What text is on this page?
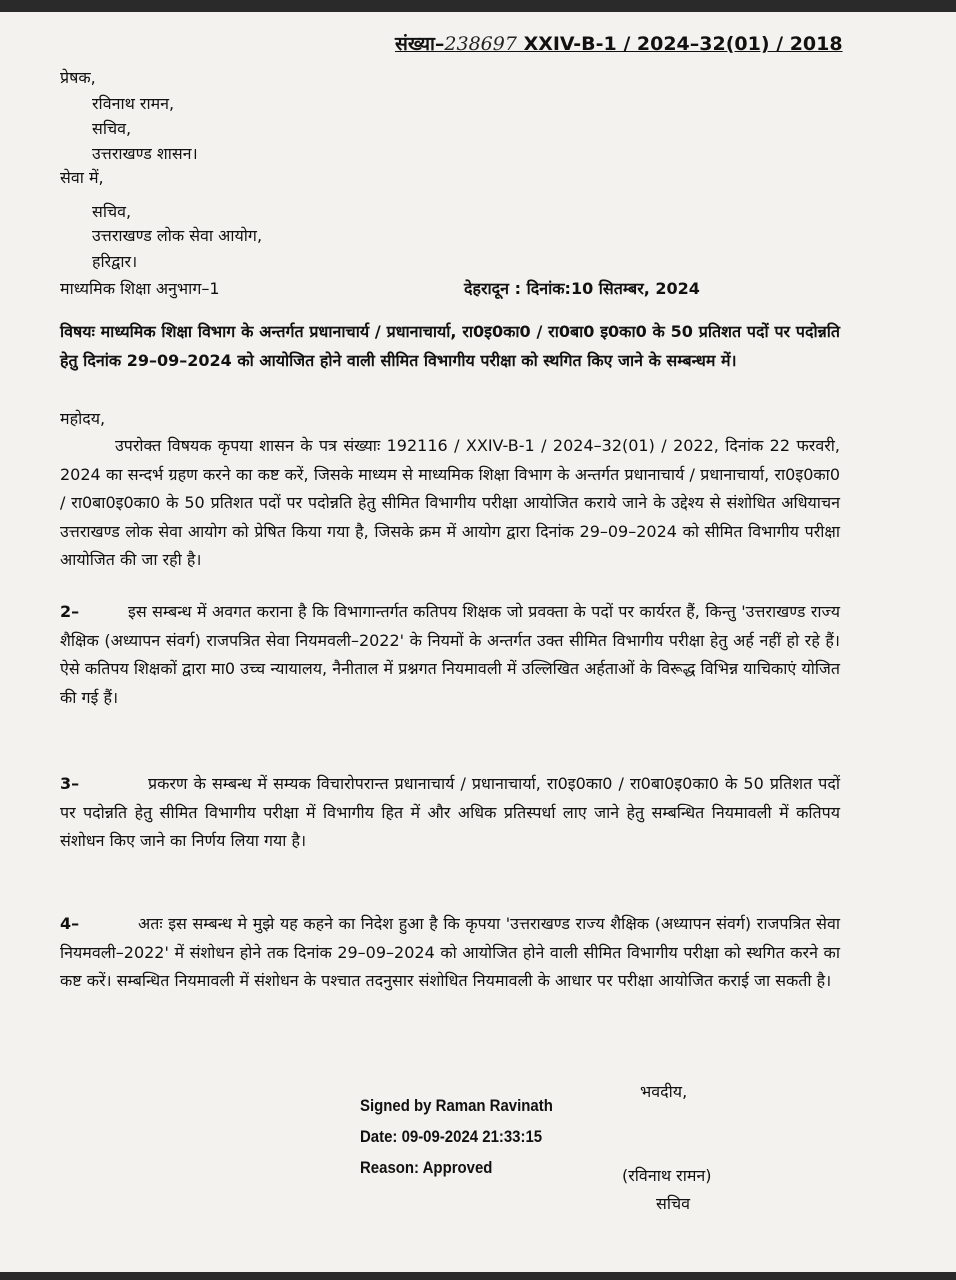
संख्या–238697 XXIV-B-1 / 2024–32(01) / 2018
प्रेषक,
रविनाथ रामन,
सचिव,
उत्तराखण्ड शासन।
सेवा में,
सचिव,
उत्तराखण्ड लोक सेवा आयोग,
हरिद्वार।
माध्यमिक शिक्षा अनुभाग–1	देहरादून : दिनांक:10 सितम्बर, 2024
विषयः माध्यमिक शिक्षा विभाग के अन्तर्गत प्रधानाचार्य / प्रधानाचार्या, रा0इ0का0 / रा0बा0 इ0का0 के 50 प्रतिशत पदों पर पदोन्नति हेतु दिनांक 29–09–2024 को आयोजित होने वाली सीमित विभागीय परीक्षा को स्थगित किए जाने के सम्बन्धम में।
महोदय,
उपरोक्त विषयक कृपया शासन के पत्र संख्याः 192116 / XXIV-B-1 / 2024–32(01) / 2022, दिनांक 22 फरवरी, 2024 का सन्दर्भ ग्रहण करने का कष्ट करें, जिसके माध्यम से माध्यमिक शिक्षा विभाग के अन्तर्गत प्रधानाचार्य / प्रधानाचार्या, रा0इ0का0 / रा0बा0इ0का0 के 50 प्रतिशत पदों पर पदोन्नति हेतु सीमित विभागीय परीक्षा आयोजित कराये जाने के उद्देश्य से संशोधित अधियाचन उत्तराखण्ड लोक सेवा आयोग को प्रेषित किया गया है, जिसके क्रम में आयोग द्वारा दिनांक 29–09–2024 को सीमित विभागीय परीक्षा आयोजित की जा रही है।
2–	इस सम्बन्ध में अवगत कराना है कि विभागान्तर्गत कतिपय शिक्षक जो प्रवक्ता के पदों पर कार्यरत हैं, किन्तु 'उत्तराखण्ड राज्य शैक्षिक (अध्यापन संवर्ग) राजपत्रित सेवा नियमवली–2022' के नियमों के अन्तर्गत उक्त सीमित विभागीय परीक्षा हेतु अर्ह नहीं हो रहे हैं। ऐसे कतिपय शिक्षकों द्वारा मा0 उच्च न्यायालय, नैनीताल में प्रश्नगत नियमावली में उल्लिखित अर्हताओं के विरूद्ध विभिन्न याचिकाएं योजित की गई हैं।
3–	प्रकरण के सम्बन्ध में सम्यक विचारोपरान्त प्रधानाचार्य / प्रधानाचार्या, रा0इ0का0 / रा0बा0इ0का0 के 50 प्रतिशत पदों पर पदोन्नति हेतु सीमित विभागीय परीक्षा में विभागीय हित में और अधिक प्रतिस्पर्धा लाए जाने हेतु सम्बन्धित नियमावली में कतिपय संशोधन किए जाने का निर्णय लिया गया है।
4–	अतः इस सम्बन्ध मे मुझे यह कहने का निदेश हुआ है कि कृपया 'उत्तराखण्ड राज्य शैक्षिक (अध्यापन संवर्ग) राजपत्रित सेवा नियमवली–2022' में संशोधन होने तक दिनांक 29–09–2024 को आयोजित होने वाली सीमित विभागीय परीक्षा को स्थगित करने का कष्ट करें। सम्बन्धित नियमावली में संशोधन के पश्चात तदनुसार संशोधित नियमावली के आधार पर परीक्षा आयोजित कराई जा सकती है।
भवदीय,
Signed by Raman Ravinath
Date: 09-09-2024 21:33:15
Reason: Approved	(रविनाथ रामन)
सचिव
